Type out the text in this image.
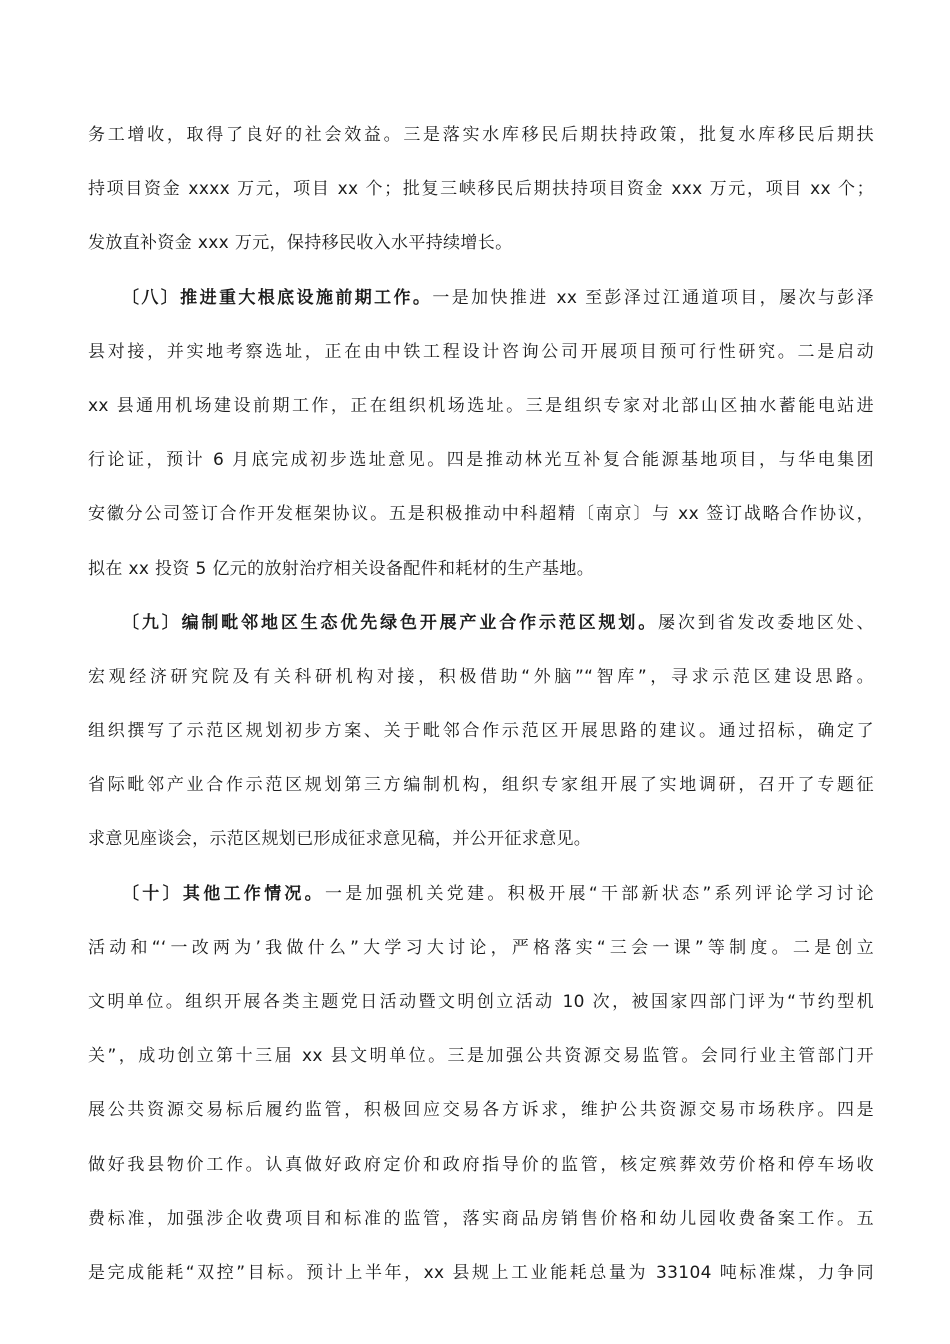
务工增收，取得了良好的社会效益。三是落实水库移民后期扶持政策，批复水库移民后期扶
持项目资金 xxxx 万元，项目 xx 个；批复三峡移民后期扶持项目资金 xxx 万元，项目 xx 个；
发放直补资金 xxx 万元，保持移民收入水平持续增长。
〔八〕推进重大根底设施前期工作。一是加快推进 xx 至彭泽过江通道项目，屡次与彭泽
县对接，并实地考察选址，正在由中铁工程设计咨询公司开展项目预可行性研究。二是启动
xx 县通用机场建设前期工作，正在组织机场选址。三是组织专家对北部山区抽水蓄能电站进
行论证，预计 6 月底完成初步选址意见。四是推动林光互补复合能源基地项目，与华电集团
安徽分公司签订合作开发框架协议。五是积极推动中科超精〔南京〕与 xx 签订战略合作协议，
拟在 xx 投资 5 亿元的放射治疗相关设备配件和耗材的生产基地。
〔九〕编制毗邻地区生态优先绿色开展产业合作示范区规划。屡次到省发改委地区处、
宏观经济研究院及有关科研机构对接，积极借助“外脑”“智库”，寻求示范区建设思路。
组织撰写了示范区规划初步方案、关于毗邻合作示范区开展思路的建议。通过招标，确定了
省际毗邻产业合作示范区规划第三方编制机构，组织专家组开展了实地调研，召开了专题征
求意见座谈会，示范区规划已形成征求意见稿，并公开征求意见。
〔十〕其他工作情况。一是加强机关党建。积极开展“干部新状态”系列评论学习讨论
活动和“‘一改两为’我做什么”大学习大讨论，严格落实“三会一课”等制度。二是创立
文明单位。组织开展各类主题党日活动暨文明创立活动 10 次，被国家四部门评为“节约型机
关”，成功创立第十三届 xx 县文明单位。三是加强公共资源交易监管。会同行业主管部门开
展公共资源交易标后履约监管，积极回应交易各方诉求，维护公共资源交易市场秩序。四是
做好我县物价工作。认真做好政府定价和政府指导价的监管，核定殡葬效劳价格和停车场收
费标准，加强涉企收费项目和标准的监管，落实商品房销售价格和幼儿园收费备案工作。五
是完成能耗“双控”目标。预计上半年，xx 县规上工业能耗总量为 33104 吨标准煤，力争同
